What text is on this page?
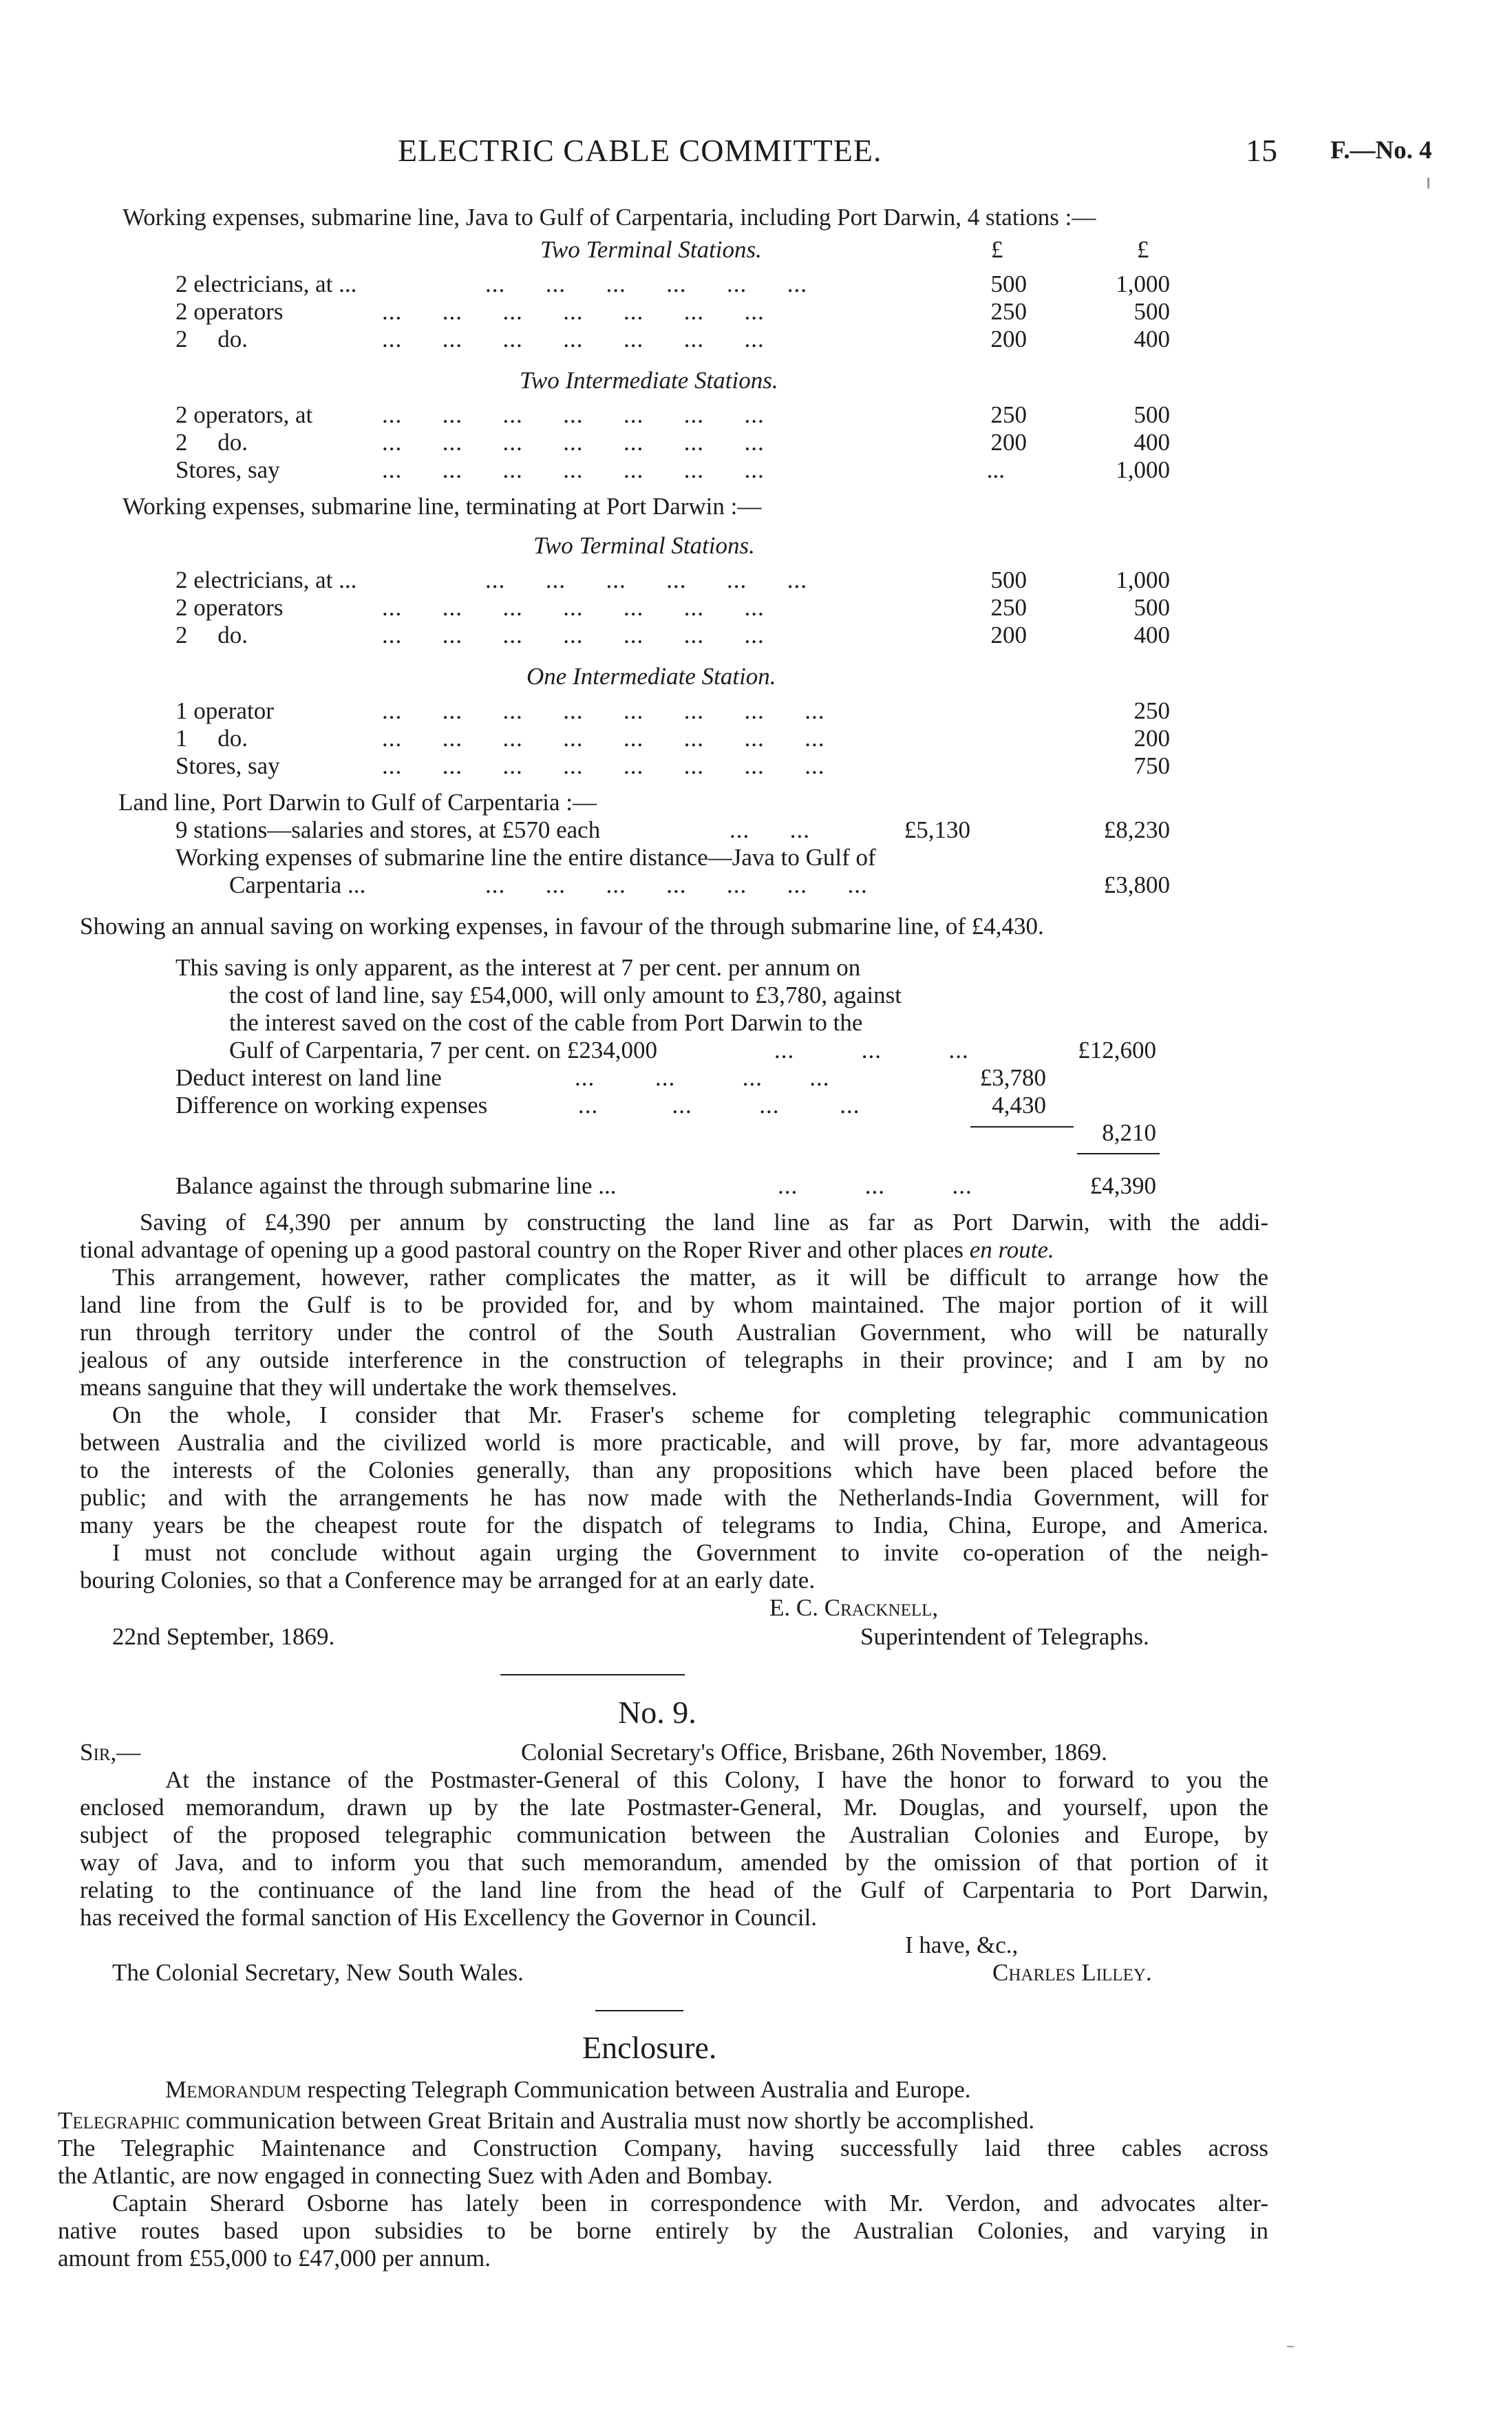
ELECTRIC CABLE COMMITTEE.	15 F.—No. 4
Working expenses, submarine line, Java to Gulf of Carpentaria, including Port Darwin, 4 stations :—
Two Terminal Stations.	£	£
2 electricians, at ...	...      ...      ...      ...      ...      ...	500	1,000
2 operators	...      ...      ...      ...      ...      ...      ...	250	500
2     do.	...      ...      ...      ...      ...      ...      ...	200	400
Two Intermediate Stations.
2 operators, at	...      ...      ...      ...      ...      ...      ...	250	500
2     do.	...      ...      ...      ...      ...      ...      ...	200	400
Stores, say	...      ...      ...      ...      ...      ...      ...	...	1,000
Working expenses, submarine line, terminating at Port Darwin :—
Two Terminal Stations.
2 electricians, at ...	...      ...      ...      ...      ...      ...	500	1,000
2 operators	...      ...      ...      ...      ...      ...      ...	250	500
2     do.	...      ...      ...      ...      ...      ...      ...	200	400
One Intermediate Station.
1 operator	...      ...      ...      ...      ...      ...      ...      ...	250
1     do.	...      ...      ...      ...      ...      ...      ...      ...	200
Stores, say	...      ...      ...      ...      ...      ...      ...      ...	750
Land line, Port Darwin to Gulf of Carpentaria :—
9 stations—salaries and stores, at £570 each	...      ...	£5,130	£8,230
Working expenses of submarine line the entire distance—Java to Gulf of
Carpentaria ...	...      ...      ...      ...      ...      ...      ...	£3,800
Showing an annual saving on working expenses, in favour of the through submarine line, of £4,430.
This saving is only apparent, as the interest at 7 per cent. per annum on
the cost of land line, say £54,000, will only amount to £3,780, against
the interest saved on the cost of the cable from Port Darwin to the
Gulf of Carpentaria, 7 per cent. on £234,000	...          ...          ...	£12,600
Deduct interest on land line	...         ...          ...       ...	£3,780
Difference on working expenses	...           ...          ...         ...	4,430
8,210
Balance against the through submarine line ...	...          ...          ...	£4,390
Saving of £4,390 per annum by constructing the land line as far as Port Darwin, with the addi-
tional advantage of opening up a good pastoral country on the Roper River and other places en route.
This arrangement, however, rather complicates the matter, as it will be difficult to arrange how the
land line from the Gulf is to be provided for, and by whom maintained. The major portion of it will
run through territory under the control of the South Australian Government, who will be naturally
jealous of any outside interference in the construction of telegraphs in their province; and I am by no
means sanguine that they will undertake the work themselves.
On the whole, I consider that Mr. Fraser's scheme for completing telegraphic communication
between Australia and the civilized world is more practicable, and will prove, by far, more advantageous
to the interests of the Colonies generally, than any propositions which have been placed before the
public; and with the arrangements he has now made with the Netherlands-India Government, will for
many years be the cheapest route for the dispatch of telegrams to India, China, Europe, and America.
I must not conclude without again urging the Government to invite co-operation of the neigh-
bouring Colonies, so that a Conference may be arranged for at an early date.
E. C. Cracknell,
22nd September, 1869.	Superintendent of Telegraphs.
No. 9.
Sir,—	Colonial Secretary's Office, Brisbane, 26th November, 1869.
At the instance of the Postmaster-General of this Colony, I have the honor to forward to you the
enclosed memorandum, drawn up by the late Postmaster-General, Mr. Douglas, and yourself, upon the
subject of the proposed telegraphic communication between the Australian Colonies and Europe, by
way of Java, and to inform you that such memorandum, amended by the omission of that portion of it
relating to the continuance of the land line from the head of the Gulf of Carpentaria to Port Darwin,
has received the formal sanction of His Excellency the Governor in Council.
I have, &c.,
The Colonial Secretary, New South Wales.	Charles Lilley.
Enclosure.
Memorandum respecting Telegraph Communication between Australia and Europe.
Telegraphic communication between Great Britain and Australia must now shortly be accomplished.
The Telegraphic Maintenance and Construction Company, having successfully laid three cables across
the Atlantic, are now engaged in connecting Suez with Aden and Bombay.
Captain Sherard Osborne has lately been in correspondence with Mr. Verdon, and advocates alter-
native routes based upon subsidies to be borne entirely by the Australian Colonies, and varying in
amount from £55,000 to £47,000 per annum.
